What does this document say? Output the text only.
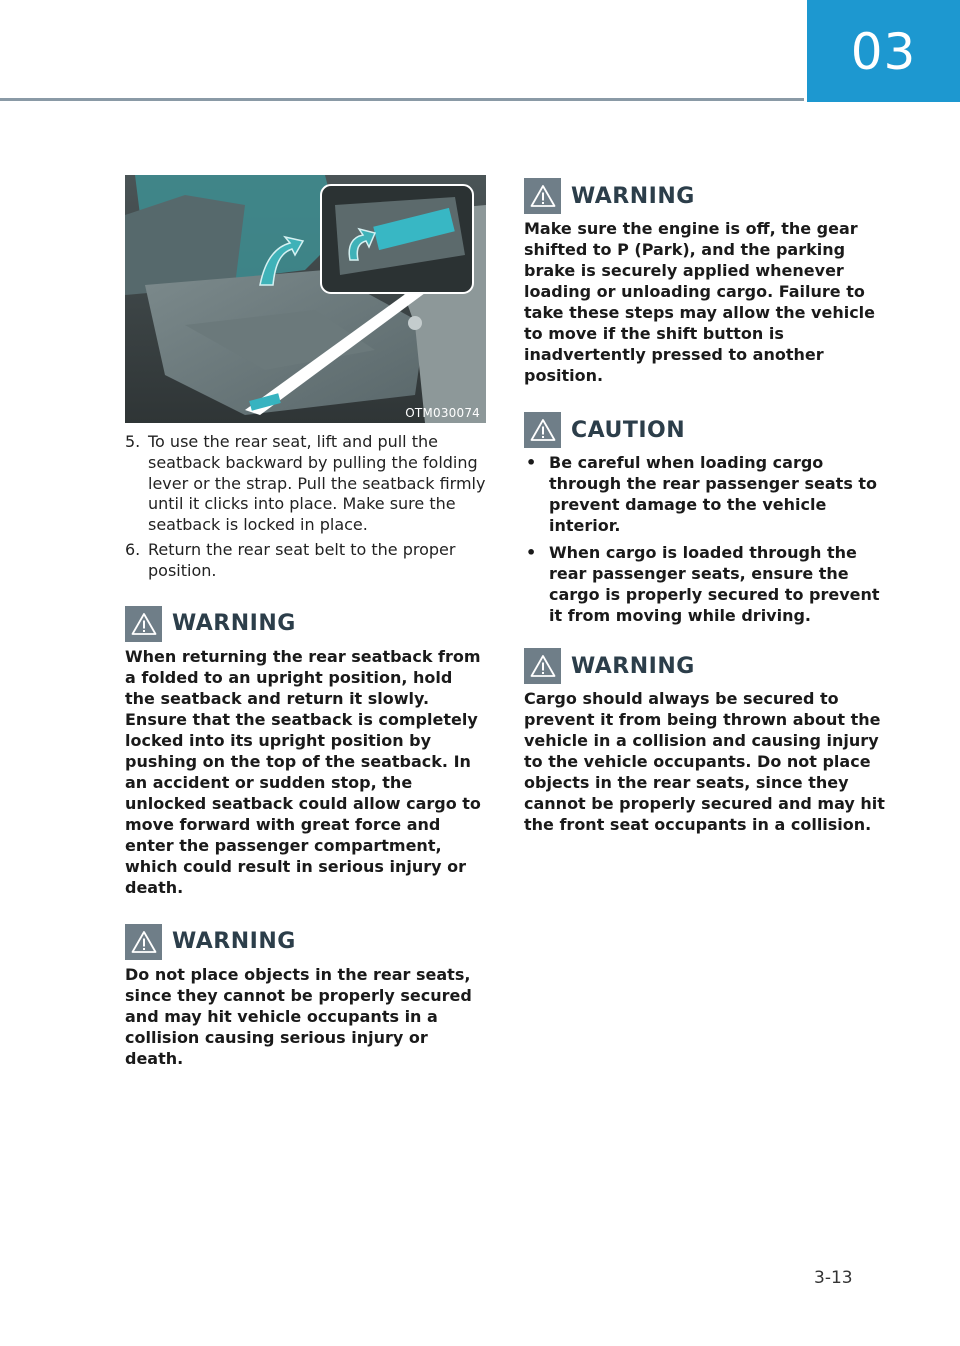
03
OTM030074
5. To use the rear seat, lift and pull the seatback backward by pulling the folding lever or the strap. Pull the seatback firmly until it clicks into place. Make sure the seatback is locked in place.
6. Return the rear seat belt to the proper position.
WARNING
When returning the rear seatback from a folded to an upright position, hold the seatback and return it slowly. Ensure that the seatback is completely locked into its upright position by pushing on the top of the seatback. In an accident or sudden stop, the unlocked seatback could allow cargo to move forward with great force and enter the passenger compartment, which could result in serious injury or death.
WARNING
Do not place objects in the rear seats, since they cannot be properly secured and may hit vehicle occupants in a collision causing serious injury or death.
WARNING
Make sure the engine is off, the gear shifted to P (Park), and the parking brake is securely applied whenever loading or unloading cargo. Failure to take these steps may allow the vehicle to move if the shift button is inadvertently pressed to another position.
CAUTION
• Be careful when loading cargo through the rear passenger seats to prevent damage to the vehicle interior.
• When cargo is loaded through the rear passenger seats, ensure the cargo is properly secured to prevent it from moving while driving.
WARNING
Cargo should always be secured to prevent it from being thrown about the vehicle in a collision and causing injury to the vehicle occupants. Do not place objects in the rear seats, since they cannot be properly secured and may hit the front seat occupants in a collision.
3-13
